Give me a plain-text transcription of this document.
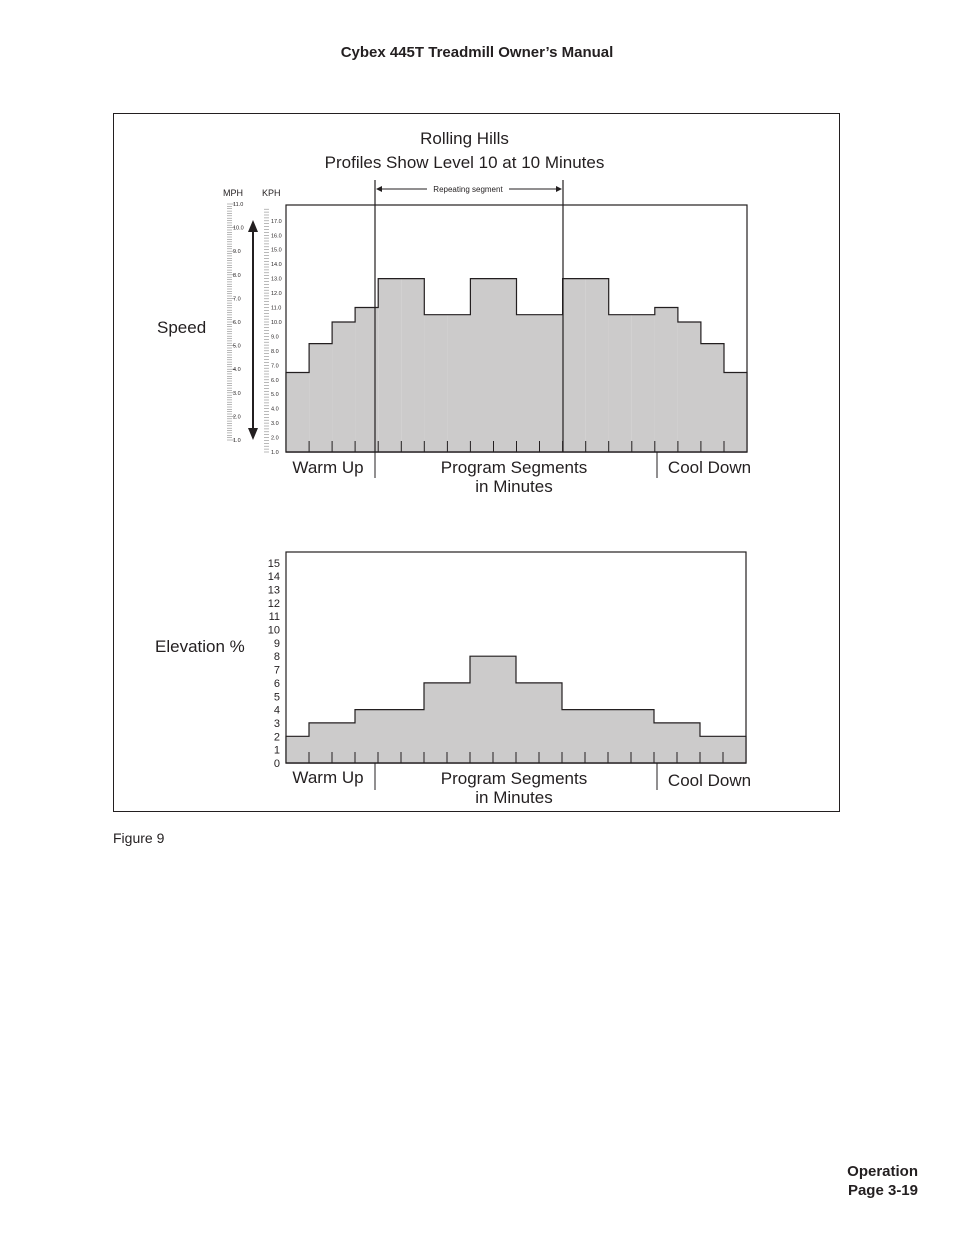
Cybex 445T Treadmill Owner’s Manual
Rolling Hills
Profiles Show Level 10 at 10 Minutes
Speed
Elevation %
MPH KPH	Repeating segment
1.0
2.0
3.0
4.0
5.0
6.0
7.0
8.0
9.0
10.0
11.0
1.0
2.0
3.0
4.0
5.0
6.0
7.0
8.0
9.0
10.0
11.0
12.0
13.0
14.0
15.0
16.0
17.0
Warm Up	Program Segments
in Minutes
Cool Down
0
1
2
3
4
5
6
7
8
9
10
11
12
13
14
15
Warm Up	Program Segments
in Minutes
Cool Down
Figure 9
Operation
Page 3-19
